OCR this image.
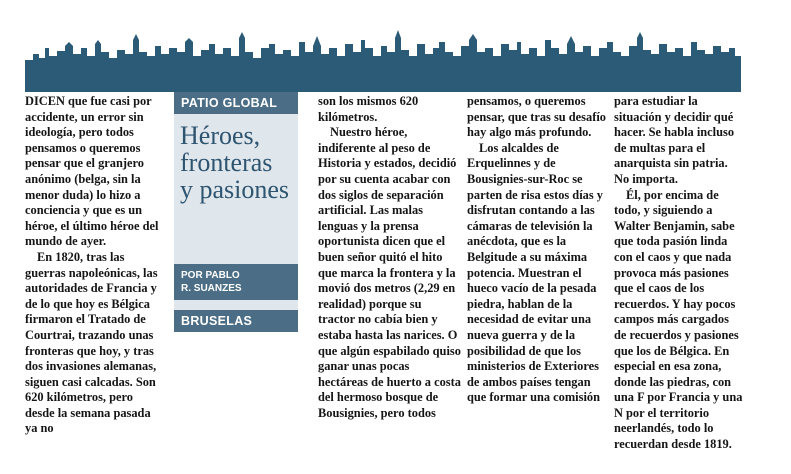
DICEN que fue casi por accidente, un error sin ideología, pero todos pensamos o queremos pensar que el granjero anónimo (belga, sin la menor duda) lo hizo a conciencia y que es un héroe, el último héroe del mundo de ayer.

En 1820, tras las guerras napoleónicas, las autoridades de Francia y de lo que hoy es Bélgica firmaron el Tratado de Courtrai, trazando unas fronteras que hoy, y tras dos invasiones alemanas, siguen casi calcadas. Son 620 kilómetros, pero desde la semana pasada ya no

PATIO GLOBAL
Héroes,
fronteras
y pasiones
POR PABLO
R. SUANZES
BRUSELAS

son los mismos 620 kilómetros.

Nuestro héroe, indiferente al peso de Historia y estados, decidió por su cuenta acabar con dos siglos de separación artificial. Las malas lenguas y la prensa oportunista dicen que el buen señor quitó el hito que marca la frontera y la movió dos metros (2,29 en realidad) porque su tractor no cabía bien y estaba hasta las narices. O que algún espabilado quiso ganar unas pocas hectáreas de huerto a costa del hermoso bosque de Bousignies, pero todos

pensamos, o queremos pensar, que tras su desafío hay algo más profundo.

Los alcaldes de Erquelinnes y de Bousignies-sur-Roc se parten de risa estos días y disfrutan contando a las cámaras de televisión la anécdota, que es la Belgitude a su máxima potencia. Muestran el hueco vacío de la pesada piedra, hablan de la necesidad de evitar una nueva guerra y de la posibilidad de que los ministerios de Exteriores de ambos países tengan que formar una comisión

para estudiar la situación y decidir qué hacer. Se habla incluso de multas para el anarquista sin patria. No importa.

Él, por encima de todo, y siguiendo a Walter Benjamin, sabe que toda pasión linda con el caos y que nada provoca más pasiones que el caos de los recuerdos. Y hay pocos campos más cargados de recuerdos y pasiones que los de Bélgica. En especial en esa zona, donde las piedras, con una F por Francia y una N por el territorio neerlandés, todo lo recuerdan desde 1819.
